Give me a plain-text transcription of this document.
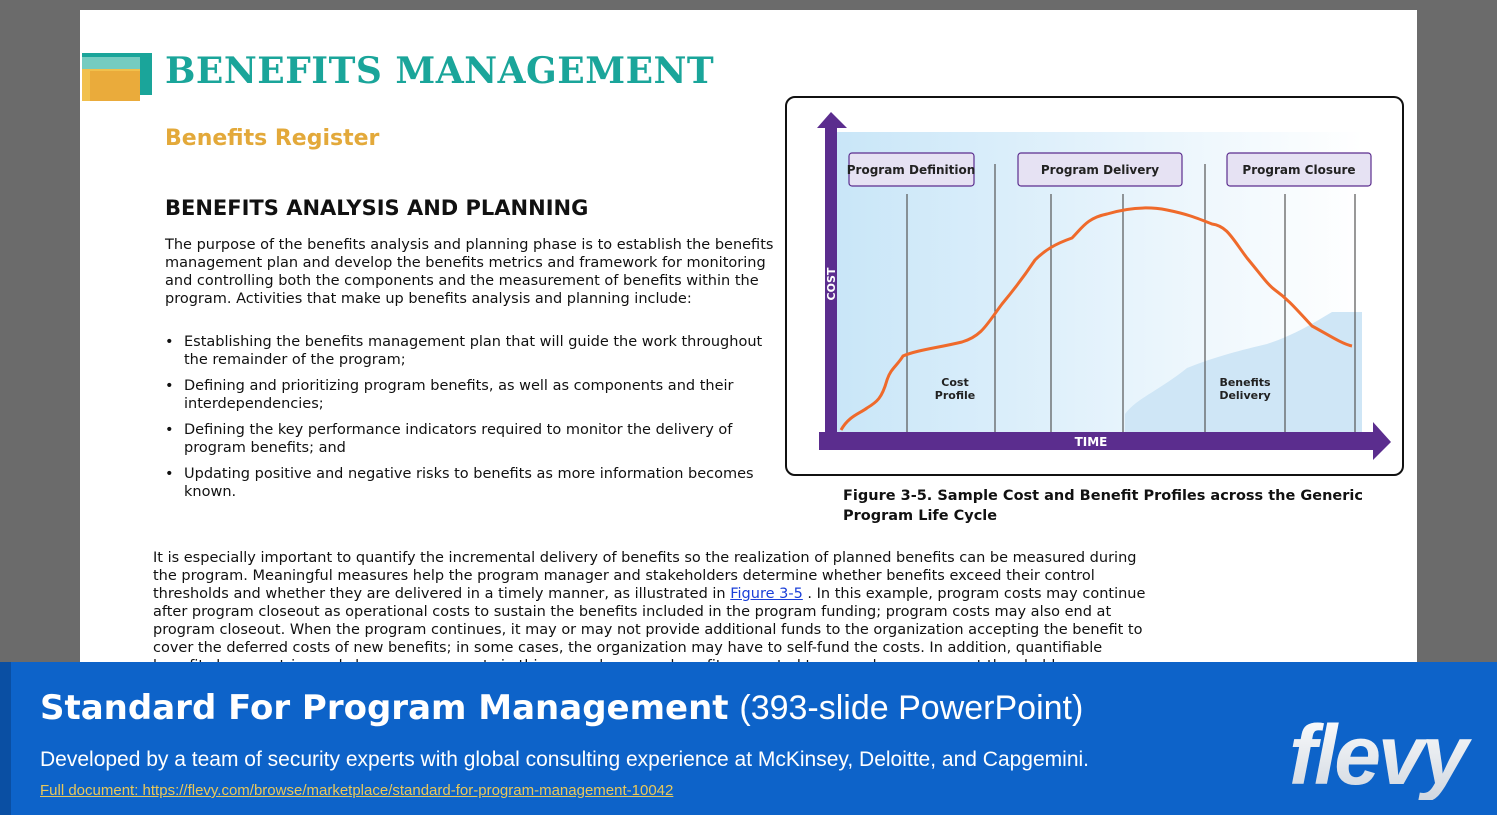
BENEFITS MANAGEMENT
Benefits Register
BENEFITS ANALYSIS AND PLANNING
The purpose of the benefits analysis and planning phase is to establish the benefits management plan and develop the benefits metrics and framework for monitoring and controlling both the components and the measurement of benefits within the program. Activities that make up benefits analysis and planning include:
• Establishing the benefits management plan that will guide the work throughout the remainder of the program;
• Defining and prioritizing program benefits, as well as components and their interdependencies;
• Defining the key performance indicators required to monitor the delivery of program benefits; and
• Updating positive and negative risks to benefits as more information becomes known.
COST
TIME
Program Definition	Program Delivery	Program Closure
Cost
Profile
Benefits
Delivery
Figure 3-5. Sample Cost and Benefit Profiles across the Generic Program Life Cycle
It is especially important to quantify the incremental delivery of benefits so the realization of planned benefits can be measured during the program. Meaningful measures help the program manager and stakeholders determine whether benefits exceed their control thresholds and whether they are delivered in a timely manner, as illustrated in Figure 3-5 . In this example, program costs may continue after program closeout as operational costs to sustain the benefits included in the program funding; program costs may also end at program closeout. When the program continues, it may or may not provide additional funds to the organization accepting the benefit to cover the deferred costs of new benefits; in some cases, the organization may have to self-fund the costs. In addition, quantifiable
Standard For Program Management (393-slide PowerPoint)
Developed by a team of security experts with global consulting experience at McKinsey, Deloitte, and Capgemini.
Full document: https://flevy.com/browse/marketplace/standard-for-program-management-10042	flevy
